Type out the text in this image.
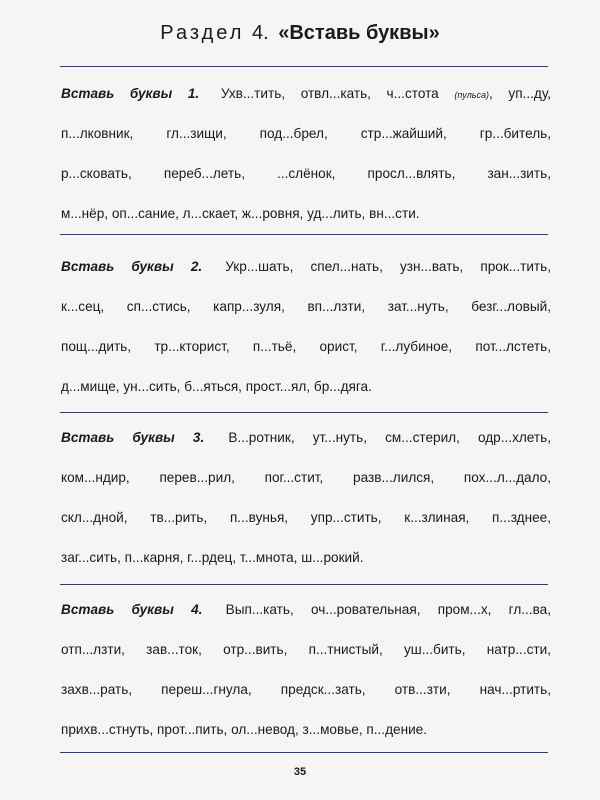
Раздел 4. «Вставь буквы»
Вставь буквы 1. Ухв...тить, отвл...кать, ч...стота (пульса), уп...ду,
п...лковник, гл...зищи, под...брел, стр...жайший, гр...битель,
р...сковать, переб...леть, ...слёнок, просл...влять, зан...зить,
м...нёр, оп...сание, л...скает, ж...ровня, уд...лить, вн...сти.
Вставь буквы 2. Укр...шать, спел...нать, узн...вать, прок...тить,
к...сец, сп...стись, капр...зуля, вп...лзти, зат...нуть, безг...ловый,
пощ...дить, тр...кторист, п...тьё, орист, г...лубиное, пот...лстеть,
д...мище, ун...сить, б...яться, прост...ял, бр...дяга.
Вставь буквы 3. В...ротник, ут...нуть, см...стерил, одр...хлеть,
ком...ндир, перев...рил, пог...стит, разв...лился, пох...л...дало,
скл...дной, тв...рить, п...вунья, упр...стить, к...злиная, п...зднее,
заг...сить, п...карня, г...рдец, т...мнота, ш...рокий.
Вставь буквы 4. Вып...кать, оч...ровательная, пром...х, гл...ва,
отп...лзти, зав...ток, отр...вить, п...тнистый, уш...бить, натр...сти,
захв...рать, переш...гнула, предск...зать, отв...зти, нач...ртить,
прихв...стнуть, прот...пить, ол...невод, з...мовье, п...дение.
35
